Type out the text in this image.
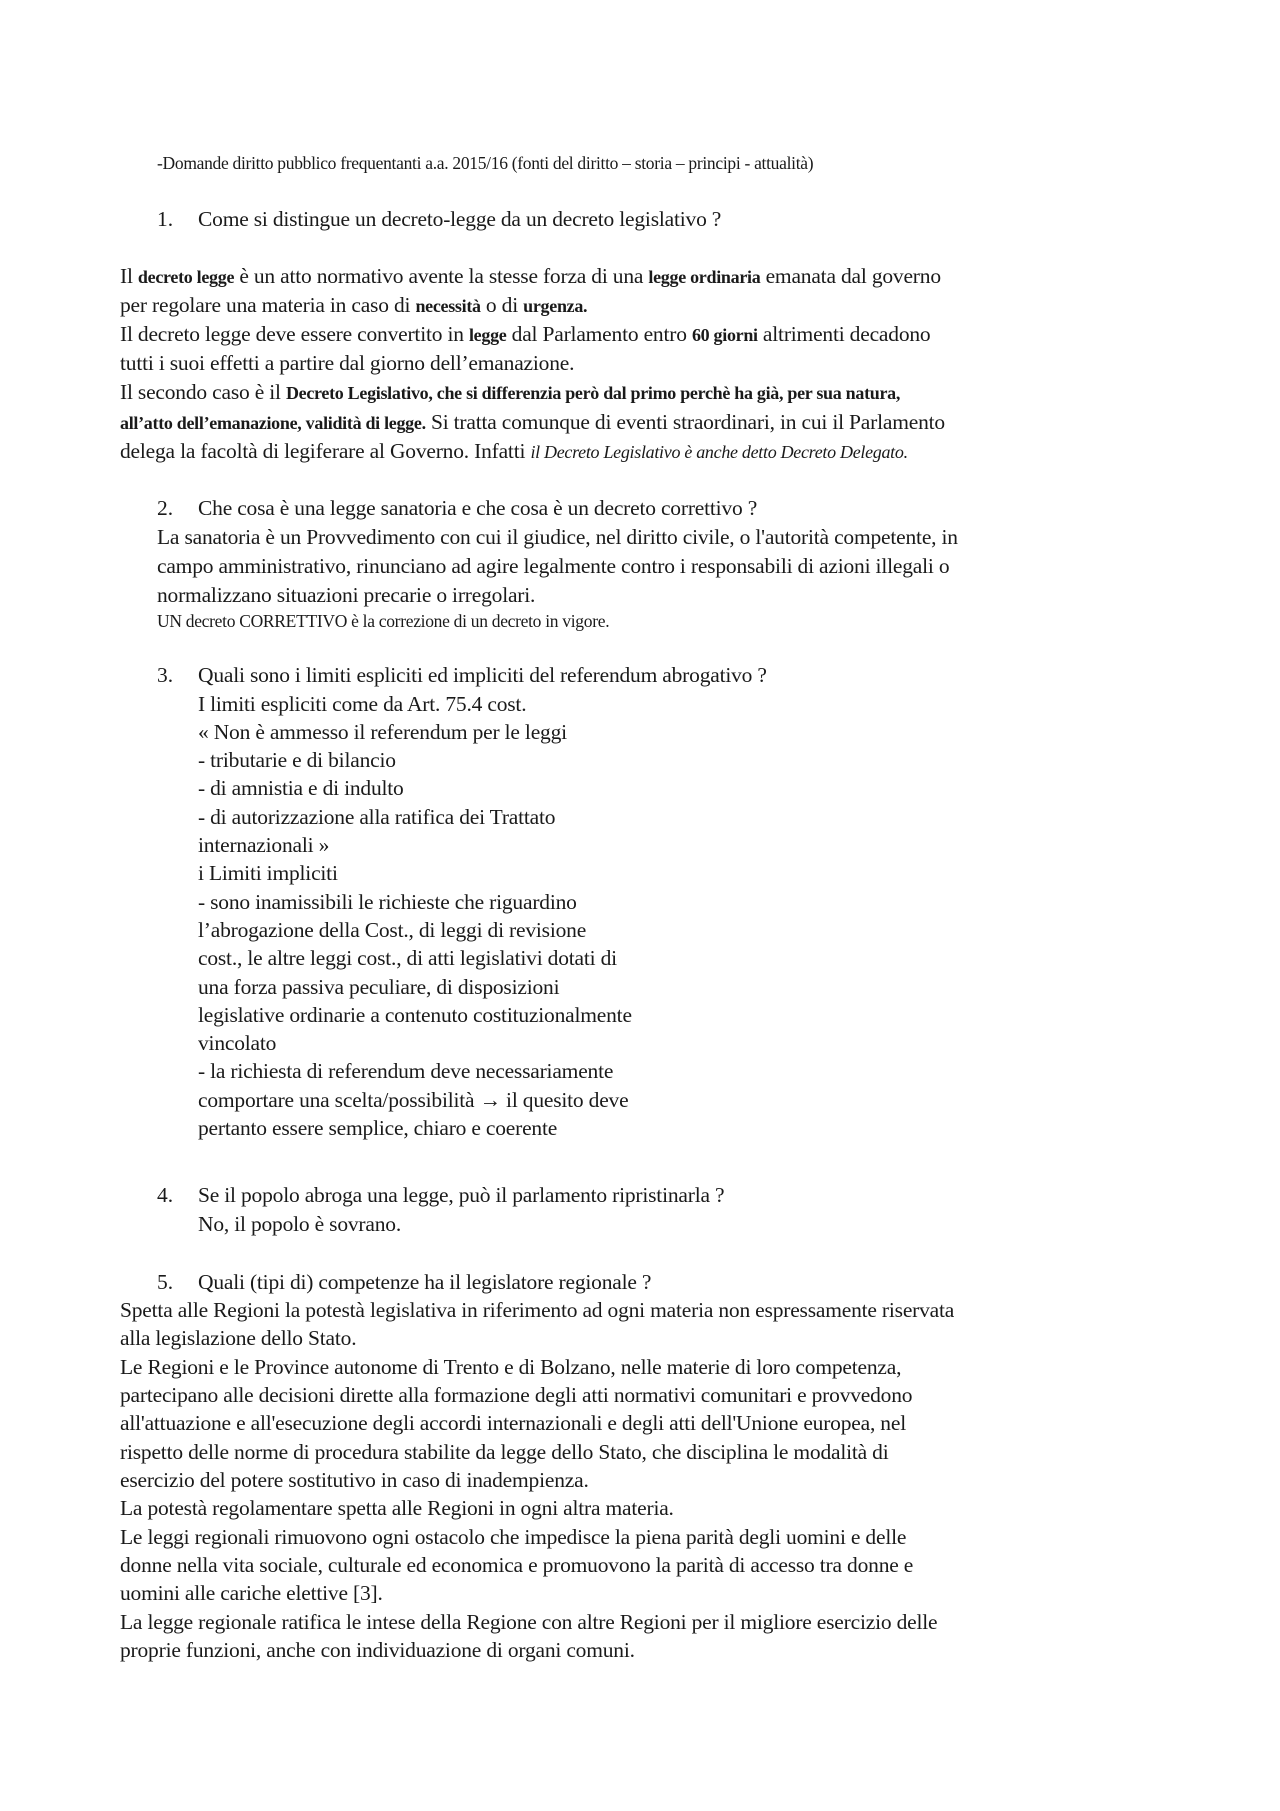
-Domande diritto pubblico frequentanti a.a. 2015/16 (fonti del diritto – storia – principi - attualità)
1. Come si distingue un decreto-legge da un decreto legislativo ?
Il decreto legge è un atto normativo avente la stesse forza di una legge ordinaria emanata dal governo
per regolare una materia in caso di necessità o di urgenza.
Il decreto legge deve essere convertito in legge dal Parlamento entro 60 giorni altrimenti decadono
tutti i suoi effetti a partire dal giorno dell’emanazione.
Il secondo caso è il Decreto Legislativo, che si differenzia però dal primo perchè ha già, per sua natura,
all’atto dell’emanazione, validità di legge. Si tratta comunque di eventi straordinari, in cui il Parlamento
delega la facoltà di legiferare al Governo. Infatti il Decreto Legislativo è anche detto Decreto Delegato.
2. Che cosa è una legge sanatoria e che cosa è un decreto correttivo ?
La sanatoria è un Provvedimento con cui il giudice, nel diritto civile, o l'autorità competente, in
campo amministrativo, rinunciano ad agire legalmente contro i responsabili di azioni illegali o
normalizzano situazioni precarie o irregolari.
UN decreto CORRETTIVO è la correzione di un decreto in vigore.
3. Quali sono i limiti espliciti ed impliciti del referendum abrogativo ?
I limiti espliciti come da Art. 75.4 cost.
« Non è ammesso il referendum per le leggi
- tributarie e di bilancio
- di amnistia e di indulto
- di autorizzazione alla ratifica dei Trattato
internazionali »
i Limiti impliciti
- sono inamissibili le richieste che riguardino
l’abrogazione della Cost., di leggi di revisione
cost., le altre leggi cost., di atti legislativi dotati di
una forza passiva peculiare, di disposizioni
legislative ordinarie a contenuto costituzionalmente
vincolato
- la richiesta di referendum deve necessariamente
comportare una scelta/possibilità → il quesito deve
pertanto essere semplice, chiaro e coerente
4. Se il popolo abroga una legge, può il parlamento ripristinarla ?
No, il popolo è sovrano.
5. Quali (tipi di) competenze ha il legislatore regionale ?
Spetta alle Regioni la potestà legislativa in riferimento ad ogni materia non espressamente riservata
alla legislazione dello Stato.
Le Regioni e le Province autonome di Trento e di Bolzano, nelle materie di loro competenza,
partecipano alle decisioni dirette alla formazione degli atti normativi comunitari e provvedono
all'attuazione e all'esecuzione degli accordi internazionali e degli atti dell'Unione europea, nel
rispetto delle norme di procedura stabilite da legge dello Stato, che disciplina le modalità di
esercizio del potere sostitutivo in caso di inadempienza.
La potestà regolamentare spetta alle Regioni in ogni altra materia.
Le leggi regionali rimuovono ogni ostacolo che impedisce la piena parità degli uomini e delle
donne nella vita sociale, culturale ed economica e promuovono la parità di accesso tra donne e
uomini alle cariche elettive [3].
La legge regionale ratifica le intese della Regione con altre Regioni per il migliore esercizio delle
proprie funzioni, anche con individuazione di organi comuni.
